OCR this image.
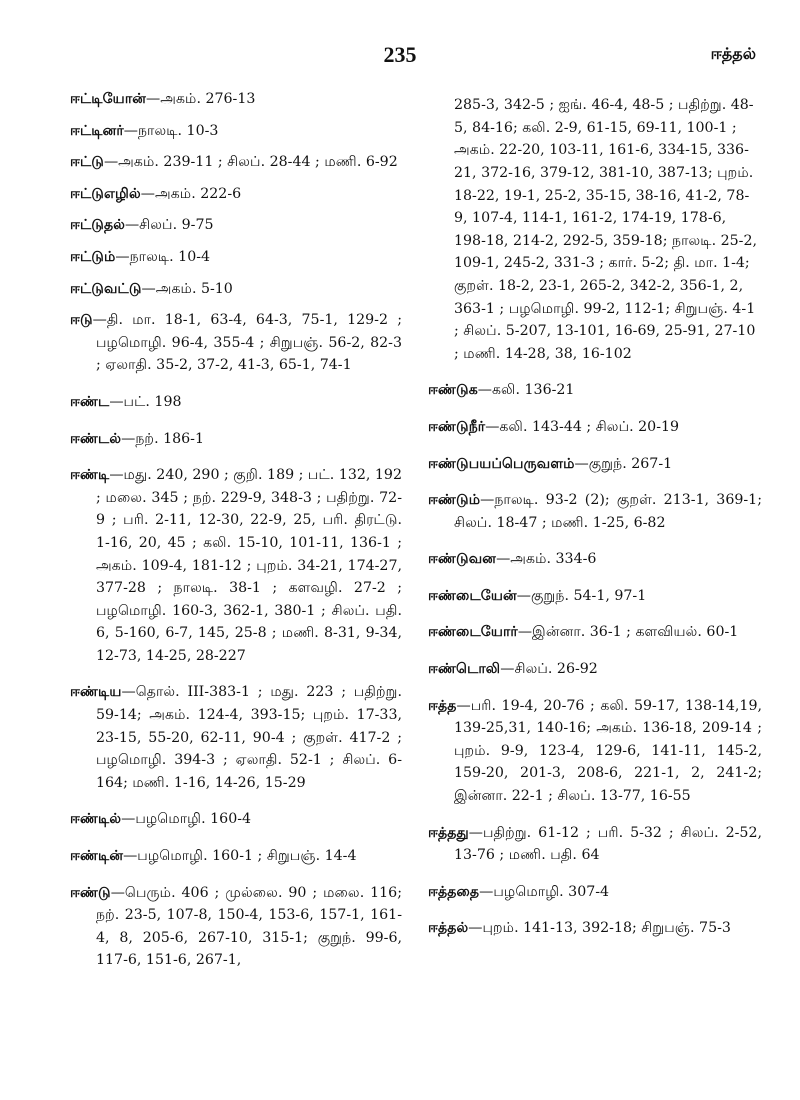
235	ஈத்தல்

ஈட்டியோன்—அகம். 276-13

ஈட்டினர்—நாலடி. 10-3

ஈட்டு—அகம். 239-11 ; சிலப். 28-44 ; மணி. 6-92

ஈட்டுஎழில்—அகம். 222-6

ஈட்டுதல்—சிலப். 9-75

ஈட்டும்—நாலடி. 10-4

ஈட்டுவட்டு—அகம். 5-10

ஈடு—தி. மா. 18-1, 63-4, 64-3, 75-1, 129-2 ; பழமொழி. 96-4, 355-4 ; சிறுபஞ். 56-2, 82-3 ; ஏலாதி. 35-2, 37-2, 41-3, 65-1, 74-1

ஈண்ட—பட். 198

ஈண்டல்—நற். 186-1

ஈண்டி—மது. 240, 290 ; குறி. 189 ; பட். 132, 192 ; மலை. 345 ; நற். 229-9, 348-3 ; பதிற்று. 72-9 ; பரி. 2-11, 12-30, 22-9, 25, பரி. திரட்டு. 1-16, 20, 45 ; கலி. 15-10, 101-11, 136-1 ; அகம். 109-4, 181-12 ; புறம். 34-21, 174-27, 377-28 ; நாலடி. 38-1 ; களவழி. 27-2 ; பழமொழி. 160-3, 362-1, 380-1 ; சிலப். பதி. 6, 5-160, 6-7, 145, 25-8 ; மணி. 8-31, 9-34, 12-73, 14-25, 28-227

ஈண்டிய—தொல். III-383-1 ; மது. 223 ; பதிற்று. 59-14; அகம். 124-4, 393-15; புறம். 17-33, 23-15, 55-20, 62-11, 90-4 ; குறள். 417-2 ; பழமொழி. 394-3 ; ஏலாதி. 52-1 ; சிலப். 6-164; மணி. 1-16, 14-26, 15-29

ஈண்டில்—பழமொழி. 160-4

ஈண்டின்—பழமொழி. 160-1 ; சிறுபஞ். 14-4

ஈண்டு—பெரும். 406 ; முல்லை. 90 ; மலை. 116; நற். 23-5, 107-8, 150-4, 153-6, 157-1, 161-4, 8, 205-6, 267-10, 315-1; குறுந். 99-6, 117-6, 151-6, 267-1,

285-3, 342-5 ; ஐங். 46-4, 48-5 ; பதிற்று. 48-5, 84-16; கலி. 2-9, 61-15, 69-11, 100-1 ; அகம். 22-20, 103-11, 161-6, 334-15, 336-21, 372-16, 379-12, 381-10, 387-13; புறம். 18-22, 19-1, 25-2, 35-15, 38-16, 41-2, 78-9, 107-4, 114-1, 161-2, 174-19, 178-6, 198-18, 214-2, 292-5, 359-18; நாலடி. 25-2, 109-1, 245-2, 331-3 ; கார். 5-2; தி. மா. 1-4; குறள். 18-2, 23-1, 265-2, 342-2, 356-1, 2, 363-1 ; பழமொழி. 99-2, 112-1; சிறுபஞ். 4-1 ; சிலப். 5-207, 13-101, 16-69, 25-91, 27-10 ; மணி. 14-28, 38, 16-102

ஈண்டுக—கலி. 136-21

ஈண்டுநீர்—கலி. 143-44 ; சிலப். 20-19

ஈண்டுபயப்பெருவளம்—குறுந். 267-1

ஈண்டும்—நாலடி. 93-2 (2); குறள். 213-1, 369-1; சிலப். 18-47 ; மணி. 1-25, 6-82

ஈண்டுவன—அகம். 334-6

ஈண்டையேன்—குறுந். 54-1, 97-1

ஈண்டையோர்—இன்னா. 36-1 ; களவியல். 60-1

ஈண்டொலி—சிலப். 26-92

ஈத்த—பரி. 19-4, 20-76 ; கலி. 59-17, 138-14,19, 139-25,31, 140-16; அகம். 136-18, 209-14 ; புறம். 9-9, 123-4, 129-6, 141-11, 145-2, 159-20, 201-3, 208-6, 221-1, 2, 241-2; இன்னா. 22-1 ; சிலப். 13-77, 16-55

ஈத்தது—பதிற்று. 61-12 ; பரி. 5-32 ; சிலப். 2-52, 13-76 ; மணி. பதி. 64

ஈத்ததை—பழமொழி. 307-4

ஈத்தல்—புறம். 141-13, 392-18; சிறுபஞ். 75-3
